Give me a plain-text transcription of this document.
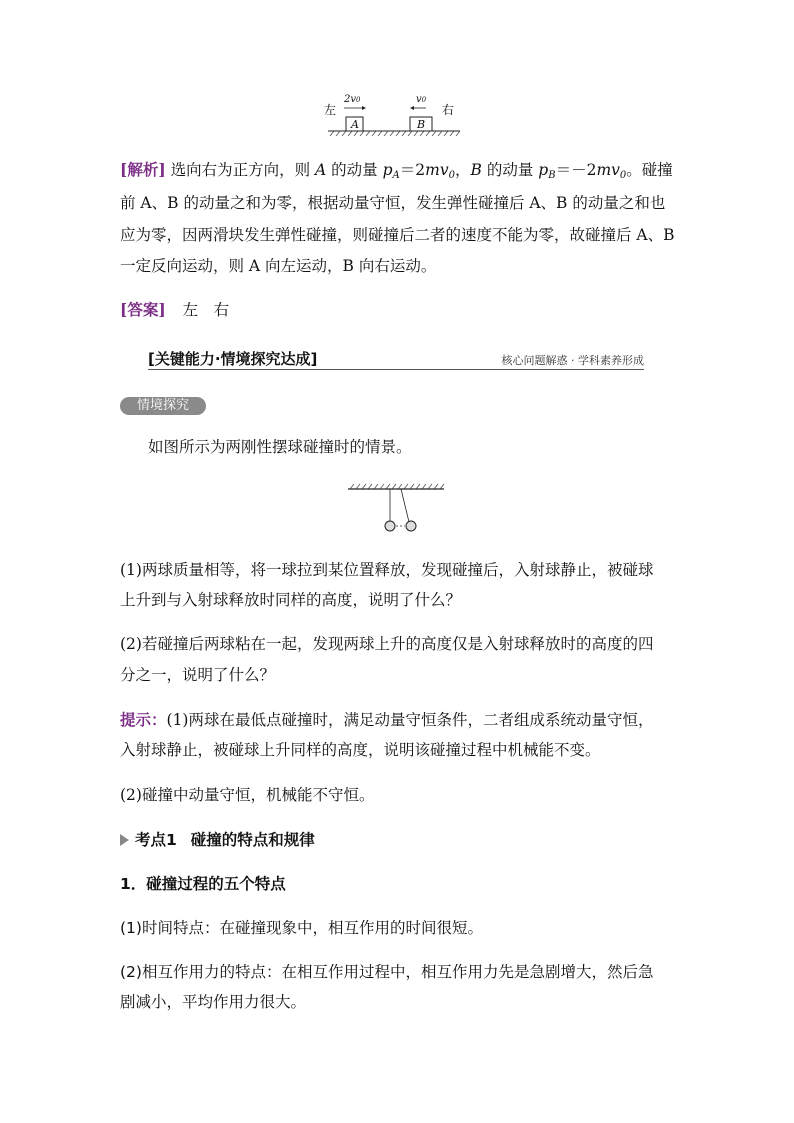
左	右
2v0	v0
A	B
[解析] 选向右为正方向，则 A 的动量 $p_A=2mv_0$，B 的动量 $p_B=-2mv_0$。碰撞
前 A、B 的动量之和为零，根据动量守恒，发生弹性碰撞后 A、B 的动量之和也
应为零，因两滑块发生弹性碰撞，则碰撞后二者的速度不能为零，故碰撞后 A、B
一定反向运动，则 A 向左运动，B 向右运动。
[答案] 左　右
[关键能力·情境探究达成]	核心问题解惑 · 学科素养形成
情境探究
如图所示为两刚性摆球碰撞时的情景。
(1)两球质量相等，将一球拉到某位置释放，发现碰撞后，入射球静止，被碰球
上升到与入射球释放时同样的高度，说明了什么？
(2)若碰撞后两球粘在一起，发现两球上升的高度仅是入射球释放时的高度的四
分之一，说明了什么？
提示：(1)两球在最低点碰撞时，满足动量守恒条件，二者组成系统动量守恒，
入射球静止，被碰球上升同样的高度，说明该碰撞过程中机械能不变。
(2)碰撞中动量守恒，机械能不守恒。
考点1 碰撞的特点和规律
1．碰撞过程的五个特点
(1)时间特点：在碰撞现象中，相互作用的时间很短。
(2)相互作用力的特点：在相互作用过程中，相互作用力先是急剧增大，然后急
剧减小，平均作用力很大。
